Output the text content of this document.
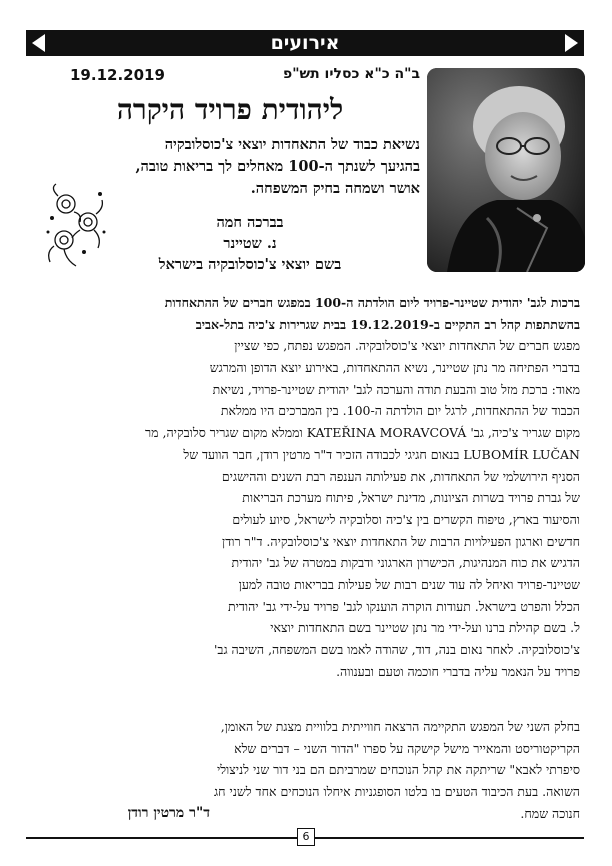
אירועים
19.12.2019	ב"ה כ"א כסליו תש"פ
ליהודית פרויד היקרה
נשיאת כבוד של התאחדות יוצאי צ'כוסלובקיה
בהגיעך לשנתך ה-100 מאחלים לך בריאות טובה,
אושר ושמחה בחיק המשפחה.
בברכה חמה
נ. שטיינר
בשם יוצאי צ'כוסלובקיה בישראל
ברכות לגב' יהודית שטיינר-פרויד ליום הולדתה ה-100 במפגש חברים של ההתאחדות
בהשתתפות קהל רב התקיים ב-19.12.2019 בבית שגרירות צ'כיה בתל-אביב
מפגש חברים של התאחדות יוצאי צ'כוסלובקיה. המפגש נפתח, כפי שציין
בדברי הפתיחה מר נתן שטיינר, נשיא ההתאחדות, באירוע יוצא הדופן והמרגש
מאוד: ברכת מזל טוב והבעת תודה והערכה לגב' יהודית שטיינר-פרויד, נשיאת
הכבוד של ההתאחדות, לרגל יום הולדתה ה-100. בין המברכים היו ממלאת
מקום שגריר צ'כיה, גב' KATEŘINA MORAVCOVÁ וממלא מקום שגריר סלובקיה, מר
LUBOMÍR LUČAN בנאום חגיגי לכבודה הזכיר ד"ר מרטין רודן, חבר הוועד של
הסניף הירושלמי של התאחדות, את פעילותה הענפה רבת השנים וההישגים
של גברת פרויד בשרות הציונות, מדינת ישראל, פיתוח מערכת הבריאות
והסיעוד בארץ, טיפוח הקשרים בין צ'כיה וסלובקיה לישראל, סיוע לעולים
חדשים וארגון הפעילויות הרבות של התאחדות יוצאי צ'כוסלובקיה. ד"ר רודן
הדגיש את כוח המנהיגות, הכישרון הארגוני ודבקות במטרה של גב' יהודית
שטיינר-פרויד ואיחל לה עוד שנים רבות של פעילות בבריאות טובה למען
הכלל והפרט בישראל. תעודות הוקרה הוענקו לגב' פרויד על-ידי גב' יהודית
ל. בשם קהילת ברנו ועל-ידי מר נתן שטיינר בשם התאחדות יוצאי
צ'כוסלובקיה. לאחר נאום בנה, דוד, שהודה לאמו בשם המשפחה, השיבה גב'
פרויד על הנאמר עליה בדברי חוכמה וטעם ובענווה.
בחלק השני של המפגש התקיימה הרצאה חווייתית בלוויית מצגת של האומן,
הקריקטוריסט והמאייר מישל קישקה על ספרו "הדור השני – דברים שלא
סיפרתי לאבא" שריתקה את קהל הנוכחים שמרביתם הם בני דור שני לניצולי
השואה. בעת הכיבוד הטעים בו בלטו הסופגניות איחלו הנוכחים אחד לשני חג
חנוכה שמח.
ד"ר מרטין רודן
6
